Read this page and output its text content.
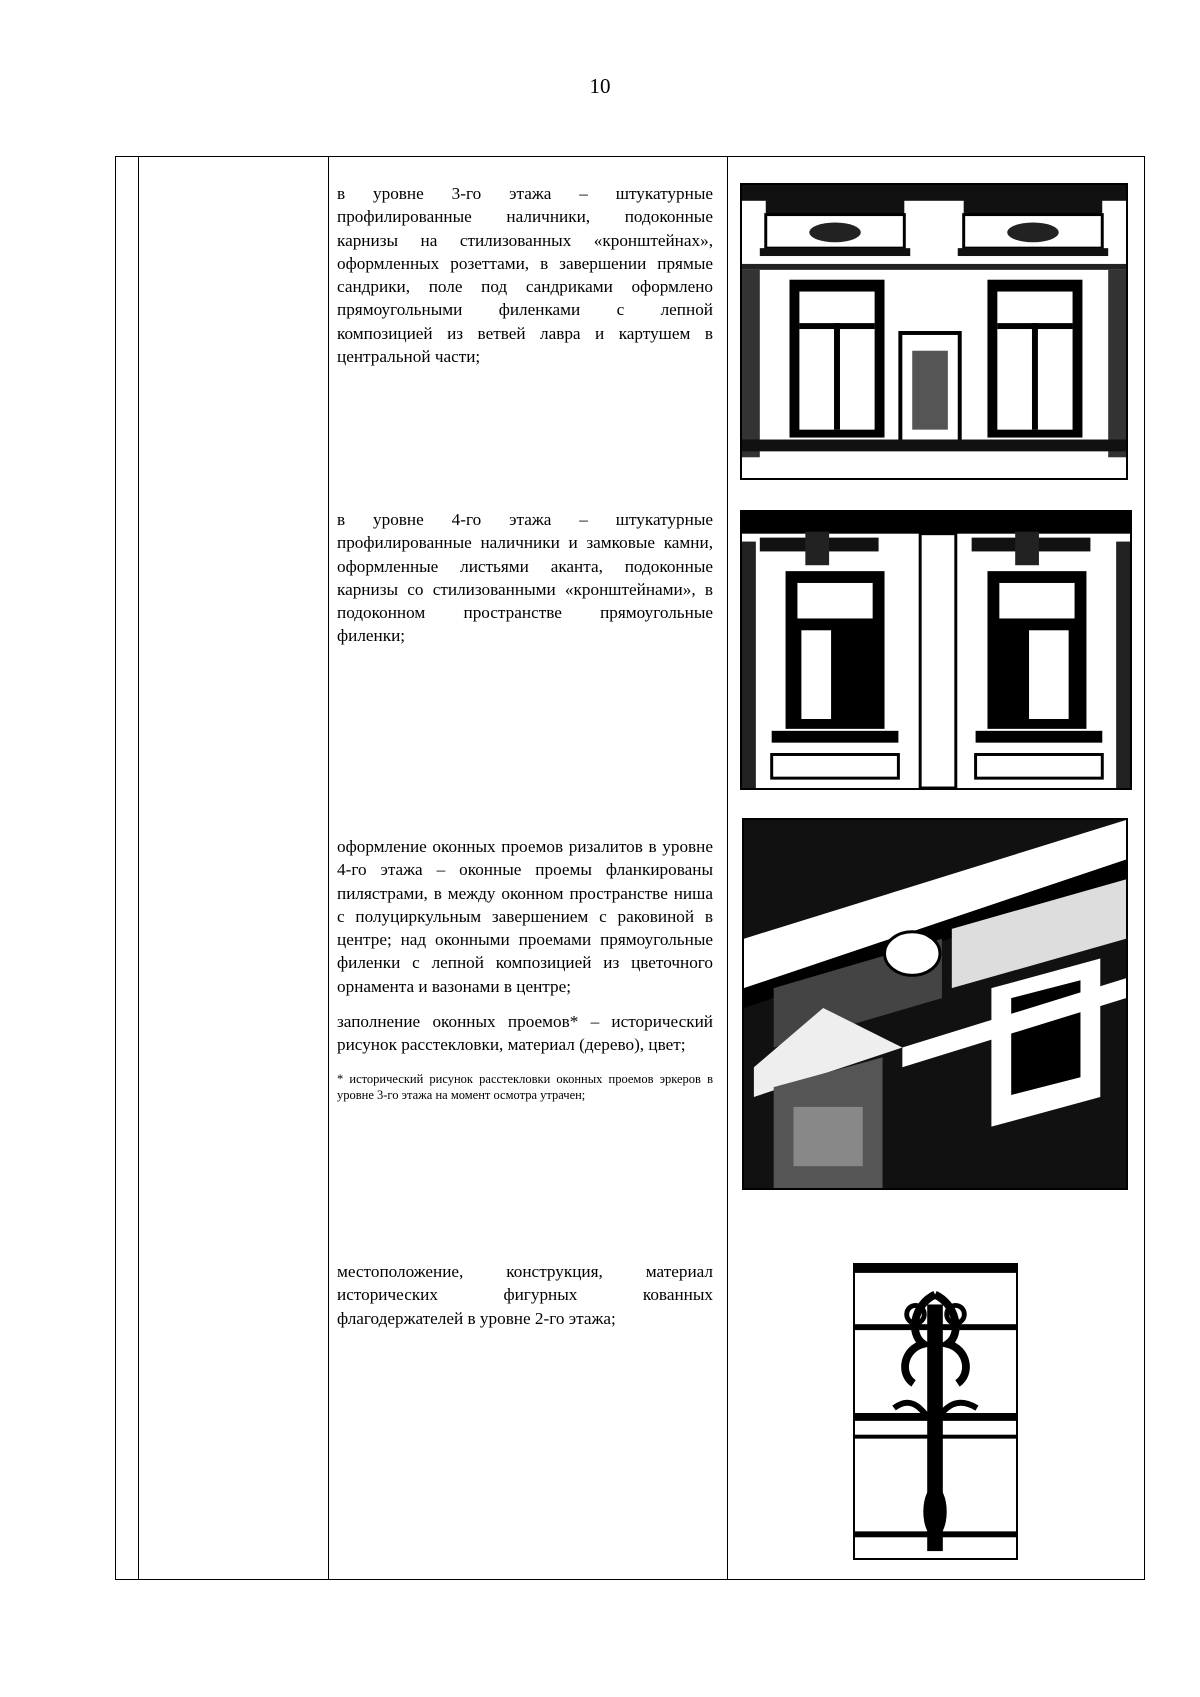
10

в уровне 3-го этажа – штукатурные профилированные наличники, подоконные карнизы на стилизованных «кронштейнах», оформленных розеттами, в завершении прямые сандрики, поле под сандриками оформлено прямоугольными филенками с лепной композицией из ветвей лавра и картушем в центральной части;

в уровне 4-го этажа – штукатурные профилированные наличники и замковые камни, оформленные листьями аканта, подоконные карнизы со стилизованными «кронштейнами», в подоконном пространстве прямоугольные филенки;

оформление оконных проемов ризалитов в уровне 4-го этажа – оконные проемы фланкированы пилястрами, в между оконном пространстве ниша с полуциркульным завершением с раковиной в центре; над оконными проемами прямоугольные филенки с лепной композицией из цветочного орнамента и вазонами в центре;

заполнение оконных проемов* – исторический рисунок расстекловки, материал (дерево), цвет;

* исторический рисунок расстекловки оконных проемов эркеров в уровне 3-го этажа на момент осмотра утрачен;

местоположение, конструкция, материал исторических фигурных кованных флагодержателей в уровне 2-го этажа;
